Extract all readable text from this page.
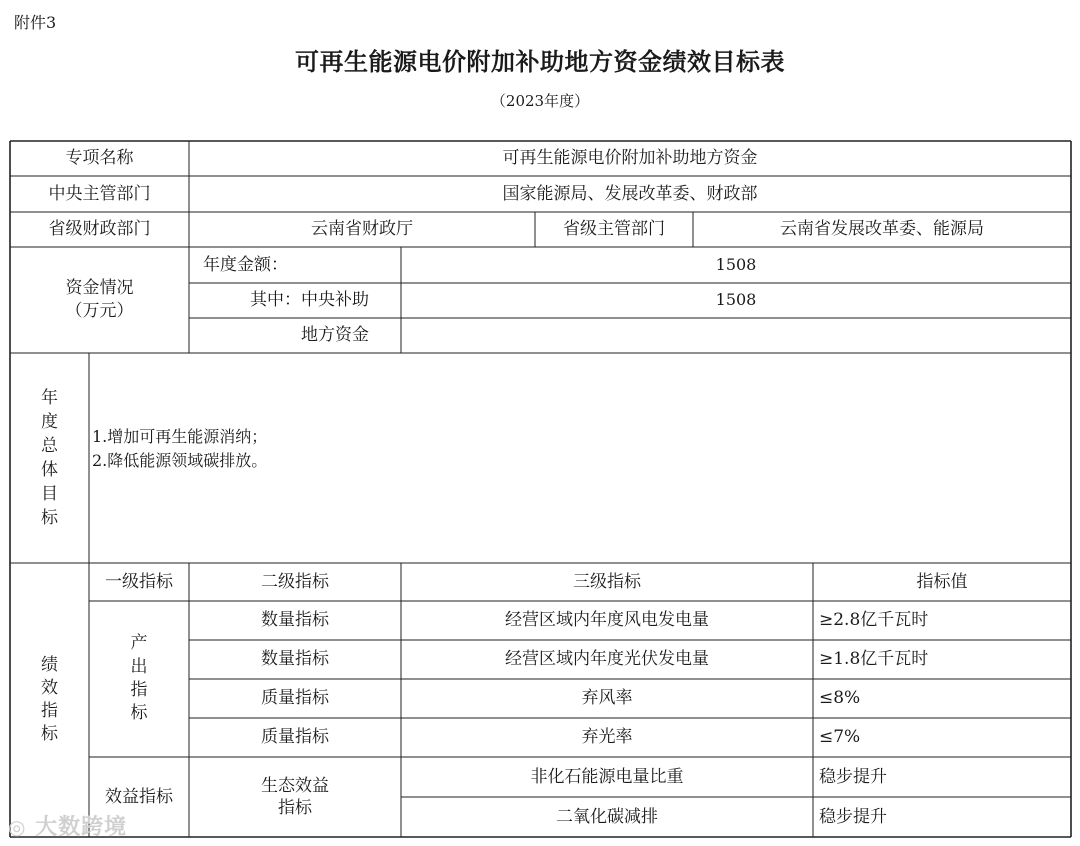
附件3
可再生能源电价附加补助地方资金绩效目标表
（2023年度）
专项名称	可再生能源电价附加补助地方资金
中央主管部门	国家能源局、发展改革委、财政部
省级财政部门	云南省财政厅	省级主管部门	云南省发展改革委、能源局
资金情况
（万元）
年度金额：	1508
其中：中央补助	1508
地方资金
年
度
总
体
目
标
1.增加可再生能源消纳；
2.降低能源领域碳排放。
绩
效
指
标
一级指标	二级指标	三级指标	指标值
产
出
指
标
数量指标	经营区域内年度风电发电量	≥2.8亿千瓦时
数量指标	经营区域内年度光伏发电量	≥1.8亿千瓦时
质量指标	弃风率	≤8%
质量指标	弃光率	≤7%
效益指标
生态效益
指标
非化石能源电量比重	稳步提升
二氧化碳减排	稳步提升
◎ 大数跨境
